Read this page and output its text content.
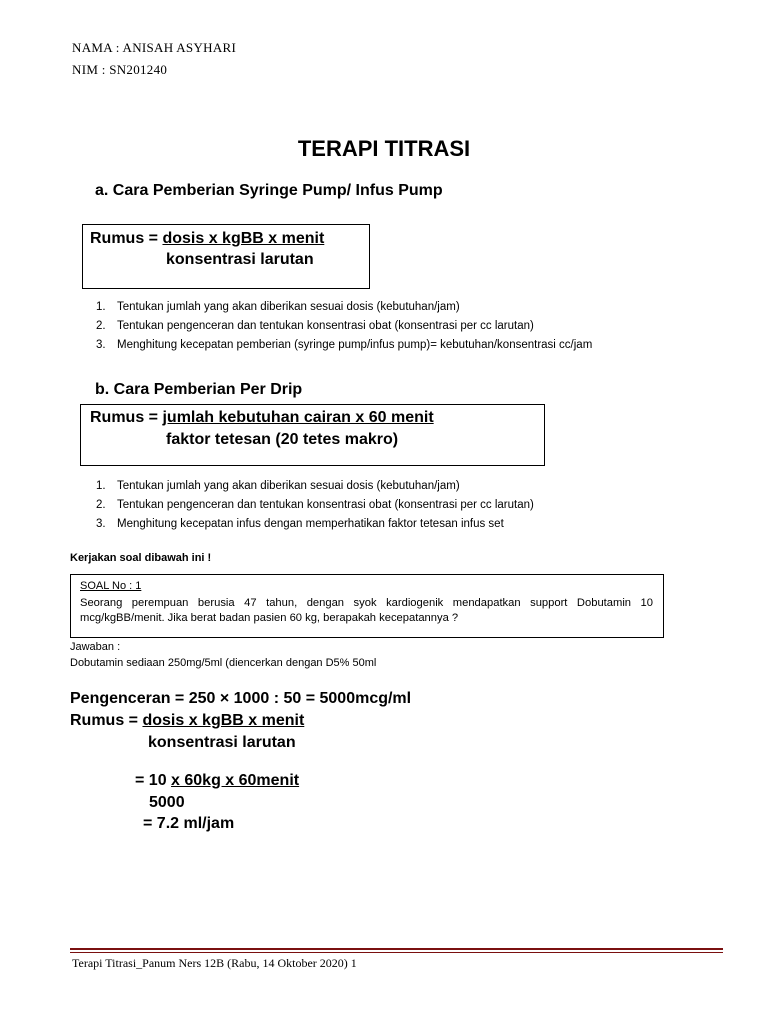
NAMA : ANISAH ASYHARI
NIM : SN201240
TERAPI TITRASI
a. Cara Pemberian Syringe Pump/ Infus Pump
Rumus = dosis x kgBB x menit
konsentrasi larutan
1. Tentukan jumlah yang akan diberikan sesuai dosis (kebutuhan/jam)
2. Tentukan pengenceran dan tentukan konsentrasi obat (konsentrasi per cc larutan)
3. Menghitung kecepatan pemberian (syringe pump/infus pump)= kebutuhan/konsentrasi cc/jam
b. Cara Pemberian Per Drip
Rumus = jumlah kebutuhan cairan x 60 menit
faktor tetesan (20 tetes makro)
1. Tentukan jumlah yang akan diberikan sesuai dosis (kebutuhan/jam)
2. Tentukan pengenceran dan tentukan konsentrasi obat (konsentrasi per cc larutan)
3. Menghitung kecepatan infus dengan memperhatikan faktor tetesan infus set
Kerjakan soal dibawah ini !
SOAL No : 1
Seorang perempuan berusia 47 tahun, dengan syok kardiogenik mendapatkan support Dobutamin 10 mcg/kgBB/menit. Jika berat badan pasien 60 kg, berapakah kecepatannya ?
Jawaban :
Dobutamin sediaan 250mg/5ml (diencerkan dengan D5% 50ml
Pengenceran = 250 × 1000 : 50 = 5000mcg/ml
Rumus = dosis x kgBB x menit
konsentrasi larutan
= 10 x 60kg x 60menit
5000
= 7.2 ml/jam
Terapi Titrasi_Panum Ners 12B (Rabu, 14 Oktober 2020) 1
